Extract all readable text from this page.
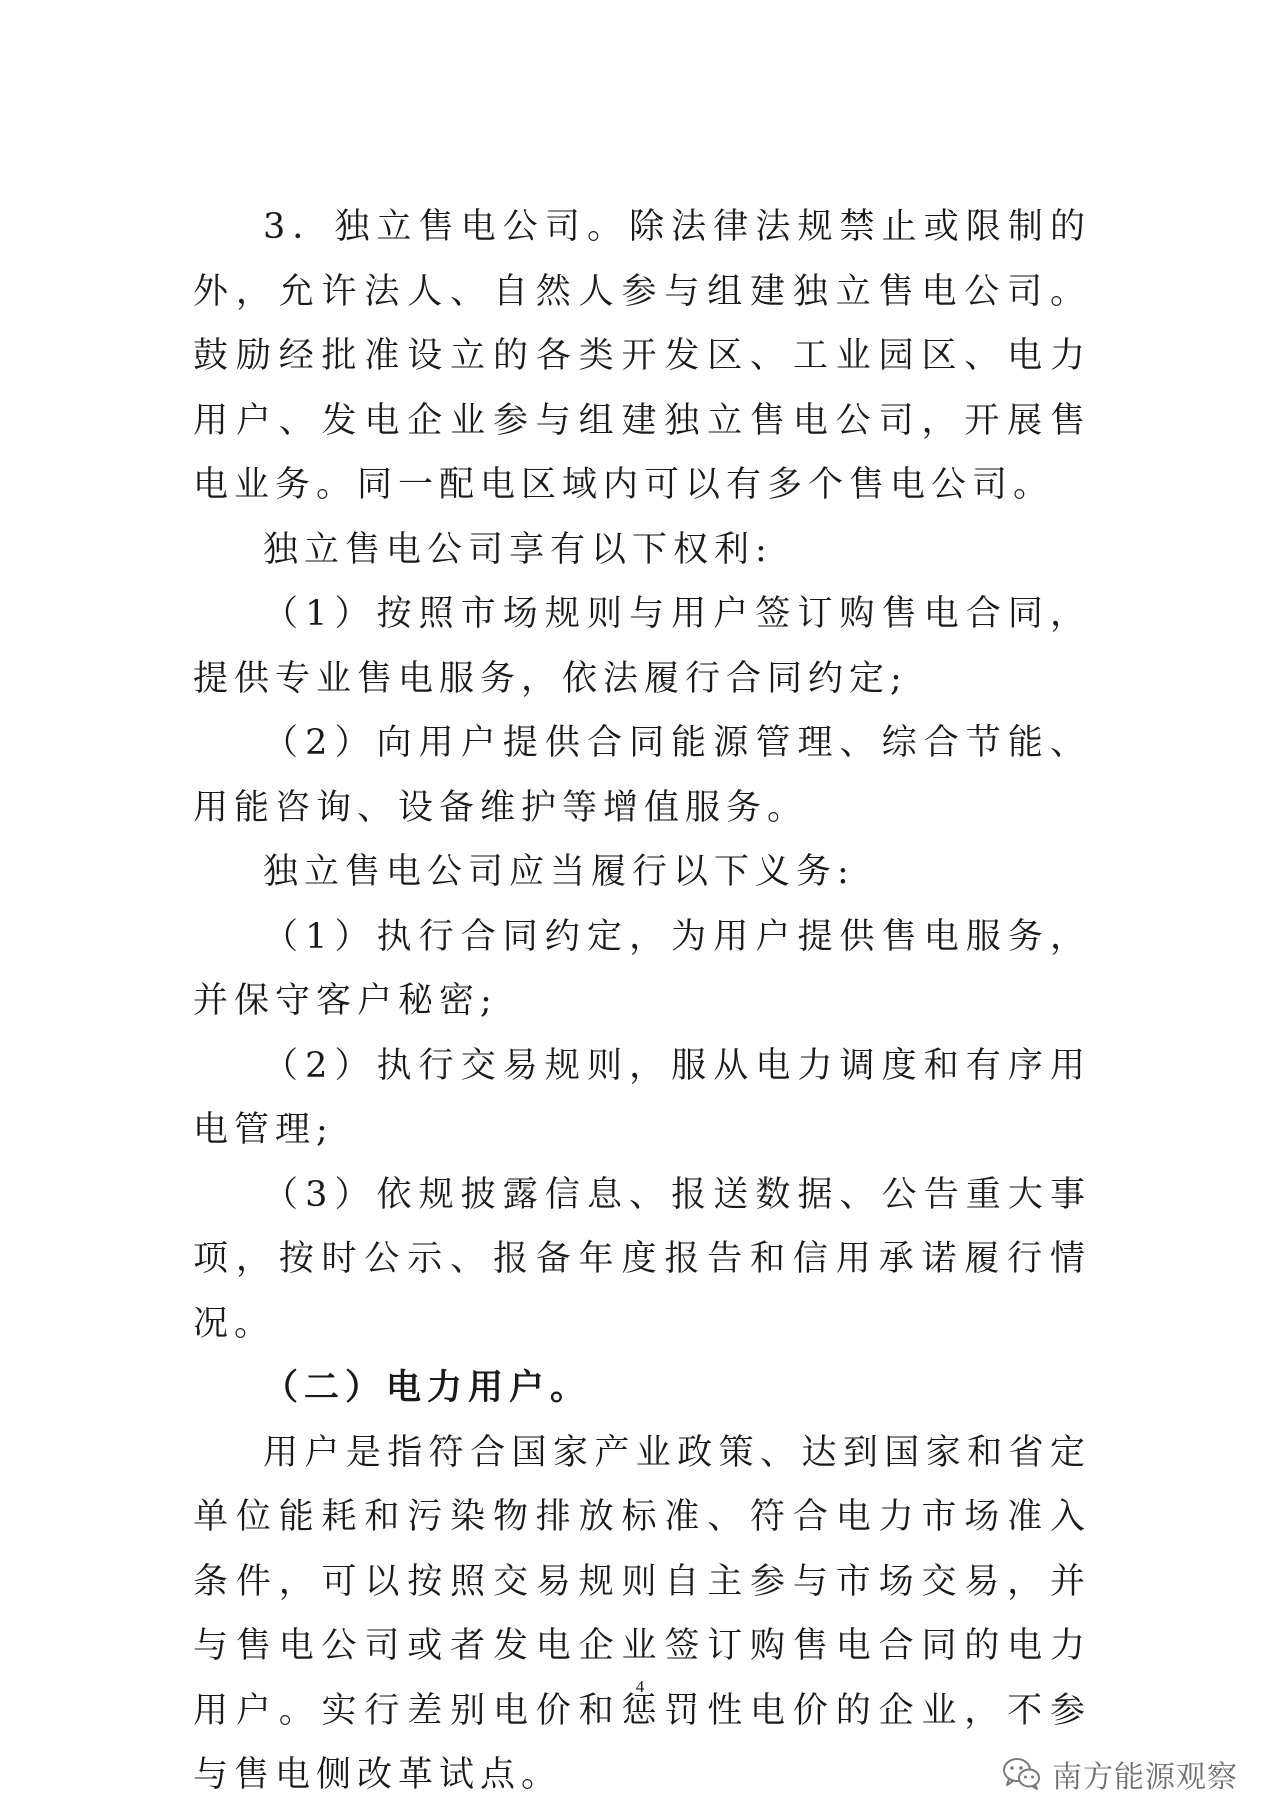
3．独立售电公司。除法律法规禁止或限制的外，允许法人、自然人参与组建独立售电公司。鼓励经批准设立的各类开发区、工业园区、电力用户、发电企业参与组建独立售电公司，开展售电业务。同一配电区域内可以有多个售电公司。

独立售电公司享有以下权利:

（1）按照市场规则与用户签订购售电合同，提供专业售电服务，依法履行合同约定;

（2）向用户提供合同能源管理、综合节能、用能咨询、设备维护等增值服务。

独立售电公司应当履行以下义务:

（1）执行合同约定，为用户提供售电服务，并保守客户秘密;

（2）执行交易规则，服从电力调度和有序用电管理;

（3）依规披露信息、报送数据、公告重大事项，按时公示、报备年度报告和信用承诺履行情况。

（二）电力用户。

用户是指符合国家产业政策、达到国家和省定单位能耗和污染物排放标准、符合电力市场准入条件，可以按照交易规则自主参与市场交易，并与售电公司或者发电企业签订购售电合同的电力用户。实行差别电价和惩罚性电价的企业，不参与售电侧改革试点。

4
南方能源观察
